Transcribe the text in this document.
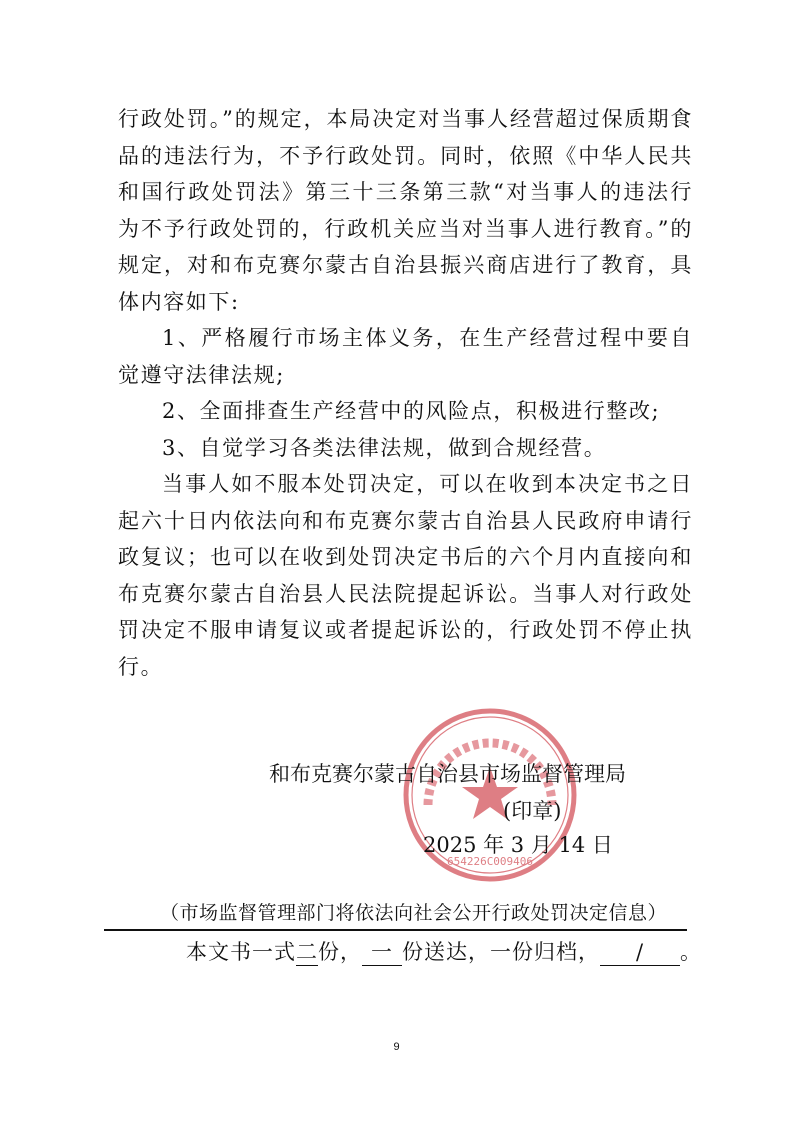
行政处罚。”的规定，本局决定对当事人经营超过保质期食品的违法行为，不予行政处罚。同时，依照《中华人民共和国行政处罚法》第三十三条第三款“对当事人的违法行为不予行政处罚的，行政机关应当对当事人进行教育。”的规定，对和布克赛尔蒙古自治县振兴商店进行了教育，具体内容如下:

1、严格履行市场主体义务，在生产经营过程中要自觉遵守法律法规;

2、全面排查生产经营中的风险点，积极进行整改;

3、自觉学习各类法律法规，做到合规经营。

当事人如不服本处罚决定，可以在收到本决定书之日起六十日内依法向和布克赛尔蒙古自治县人民政府申请行政复议；也可以在收到处罚决定书后的六个月内直接向和布克赛尔蒙古自治县人民法院提起诉讼。当事人对行政处罚决定不服申请复议或者提起诉讼的，行政处罚不停止执行。

654226C009406
和布克赛尔蒙古自治县市场监督管理局
(印章)
2025 年 3 月 14 日
（市场监督管理部门将依法向社会公开行政处罚决定信息）
本文书一式二份， 一 份送达，一份归档， / 。
9
